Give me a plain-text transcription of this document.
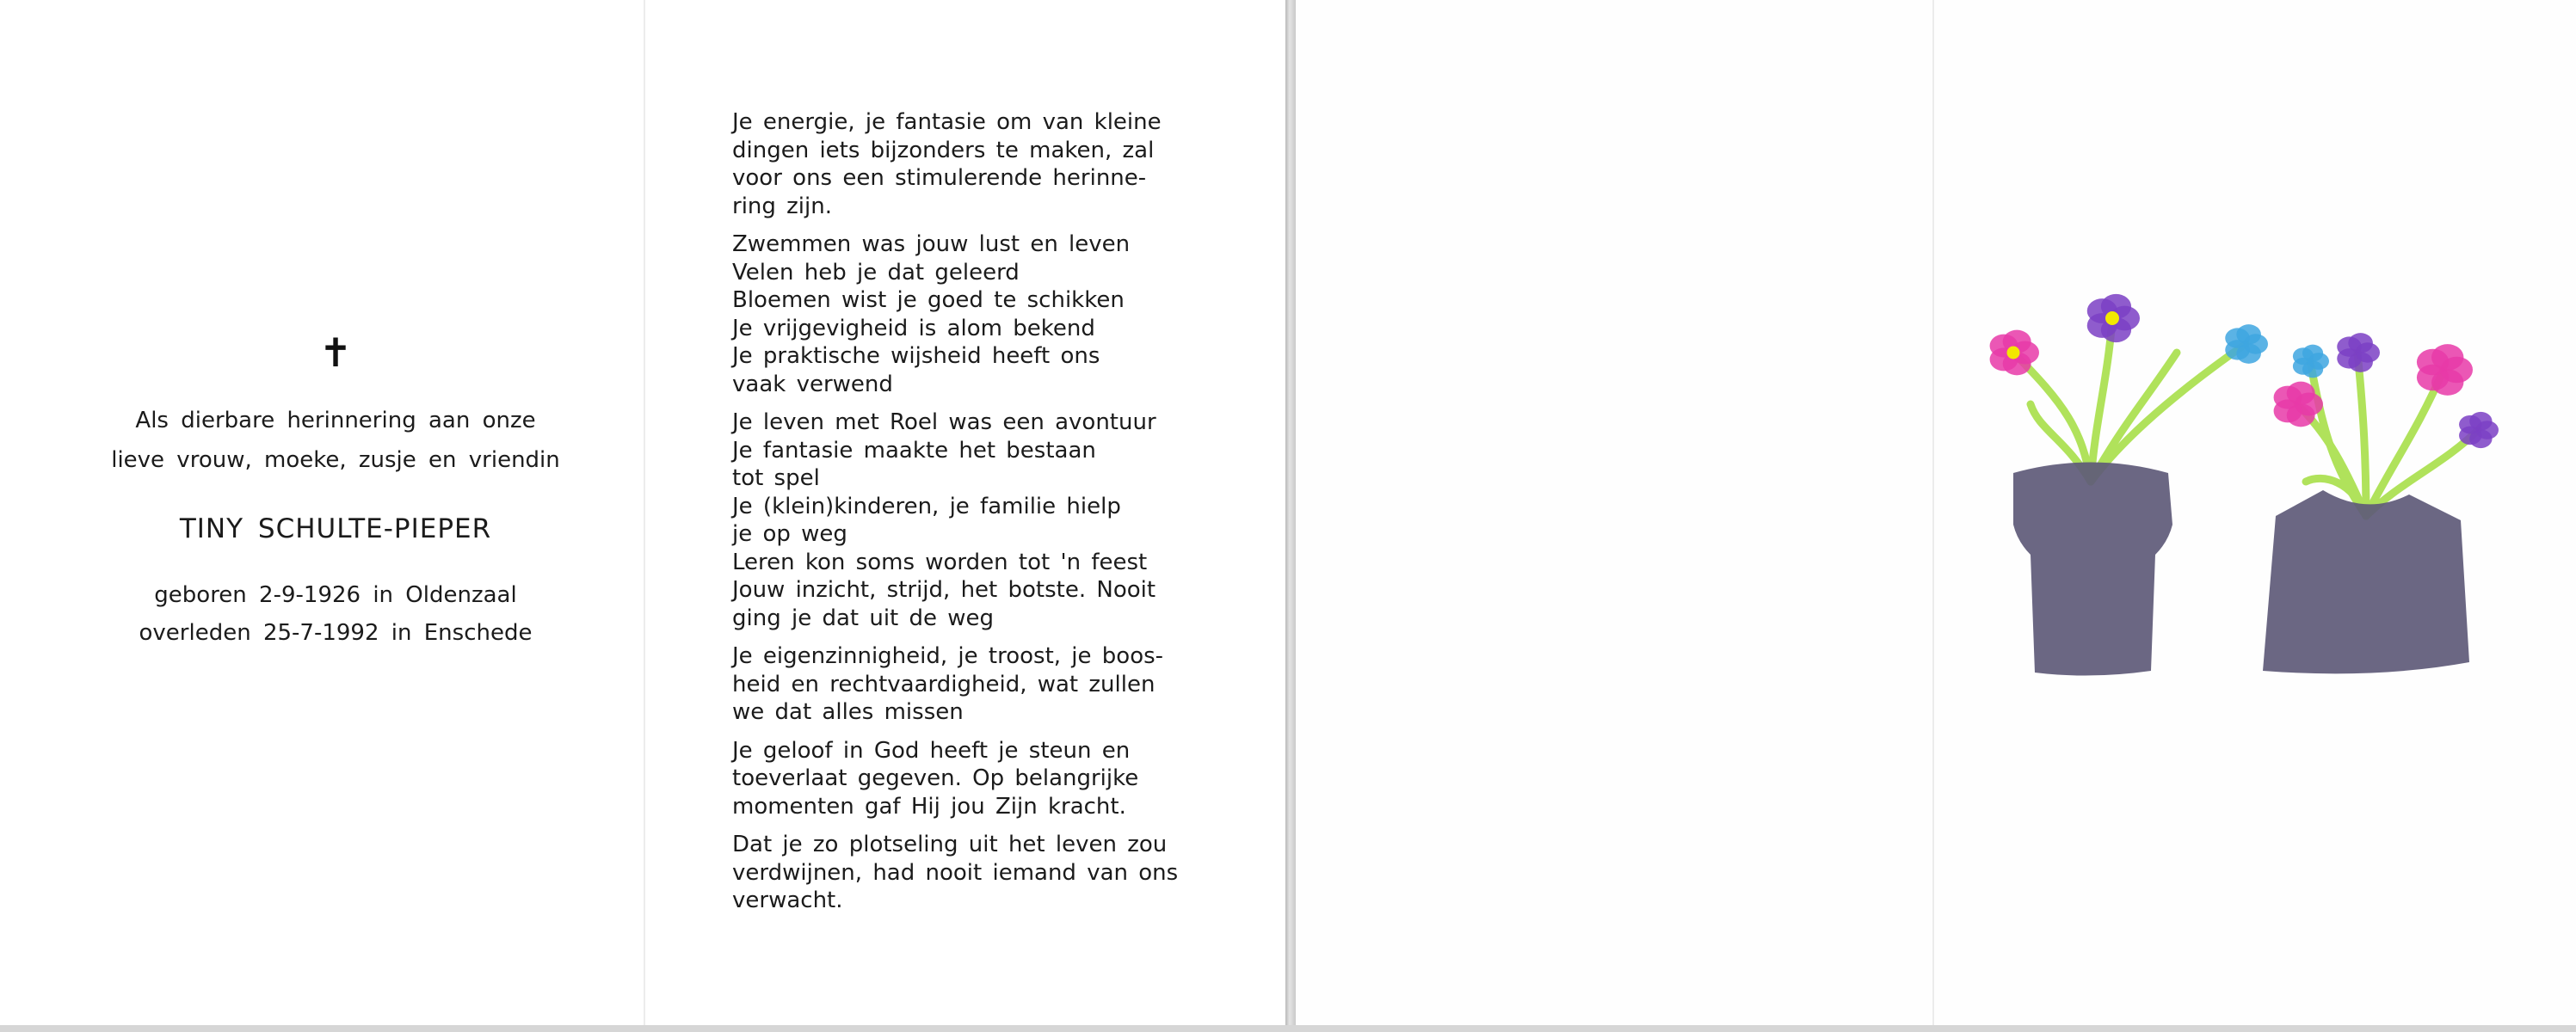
✝
Als dierbare herinnering aan onze
lieve vrouw, moeke, zusje en vriendin
TINY SCHULTE-PIEPER
geboren 2-9-1926 in Oldenzaal
overleden 25-7-1992 in Enschede
Je energie, je fantasie om van kleine
dingen iets bijzonders te maken, zal
voor ons een stimulerende herinne-
ring zijn.
Zwemmen was jouw lust en leven
Velen heb je dat geleerd
Bloemen wist je goed te schikken
Je vrijgevigheid is alom bekend
Je praktische wijsheid heeft ons
vaak verwend
Je leven met Roel was een avontuur
Je fantasie maakte het bestaan
tot spel
Je (klein)kinderen, je familie hielp
je op weg
Leren kon soms worden tot 'n feest
Jouw inzicht, strijd, het botste. Nooit
ging je dat uit de weg
Je eigenzinnigheid, je troost, je boos-
heid en rechtvaardigheid, wat zullen
we dat alles missen
Je geloof in God heeft je steun en
toeverlaat gegeven. Op belangrijke
momenten gaf Hij jou Zijn kracht.
Dat je zo plotseling uit het leven zou
verdwijnen, had nooit iemand van ons
verwacht.
